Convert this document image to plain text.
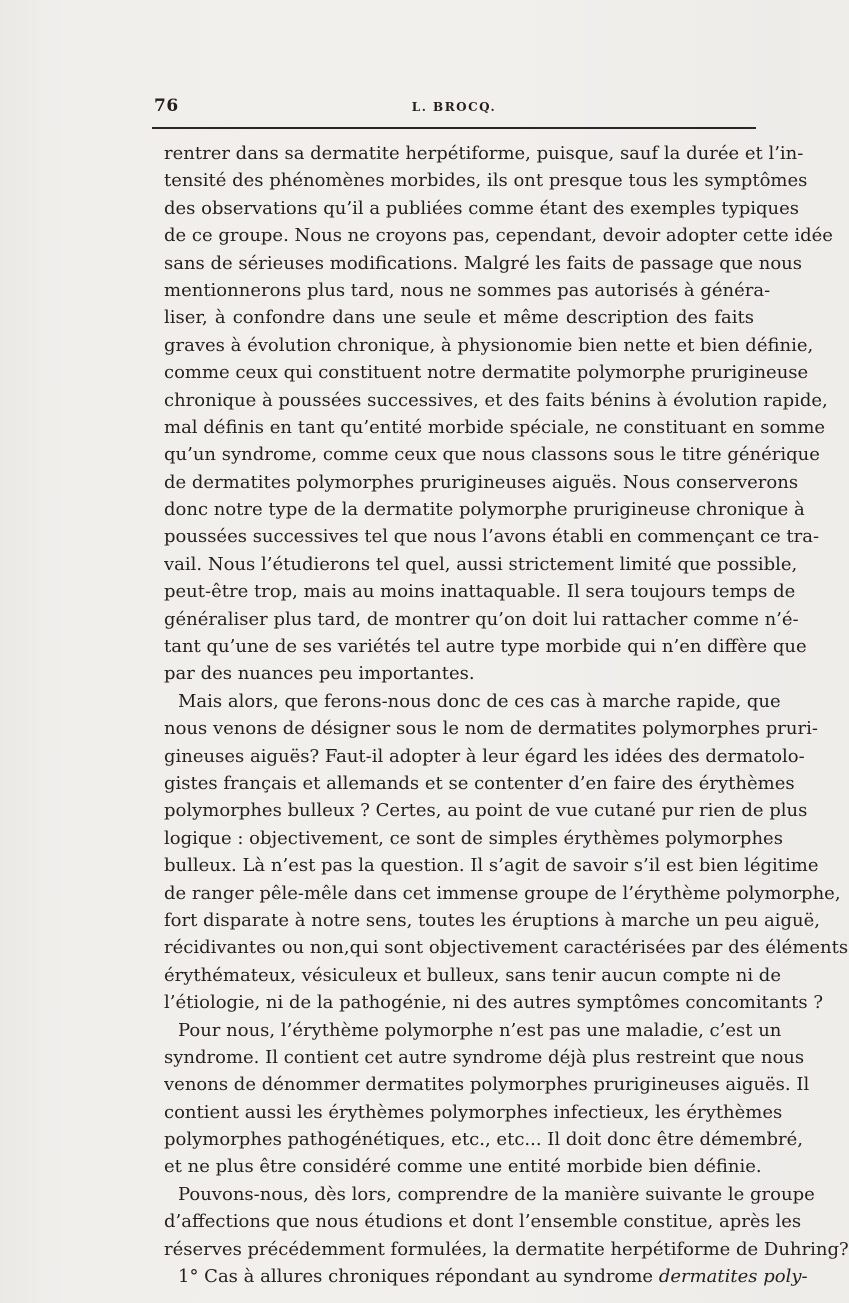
76	L. BROCQ.
rentrer dans sa dermatite herpétiforme, puisque, sauf la durée et l’in-
tensité des phénomènes morbides, ils ont presque tous les symptômes
des observations qu’il a publiées comme étant des exemples typiques
de ce groupe. Nous ne croyons pas, cependant, devoir adopter cette idée
sans de sérieuses modifications. Malgré les faits de passage que nous
mentionnerons plus tard, nous ne sommes pas autorisés à généra-
liser, à confondre dans une seule et même description des faits
graves à évolution chronique, à physionomie bien nette et bien définie,
comme ceux qui constituent notre dermatite polymorphe prurigineuse
chronique à poussées successives, et des faits bénins à évolution rapide,
mal définis en tant qu’entité morbide spéciale, ne constituant en somme
qu’un syndrome, comme ceux que nous classons sous le titre générique
de dermatites polymorphes prurigineuses aiguës. Nous conserverons
donc notre type de la dermatite polymorphe prurigineuse chronique à
poussées successives tel que nous l’avons établi en commençant ce tra-
vail. Nous l’étudierons tel quel, aussi strictement limité que possible,
peut-être trop, mais au moins inattaquable. Il sera toujours temps de
généraliser plus tard, de montrer qu’on doit lui rattacher comme n’é-
tant qu’une de ses variétés tel autre type morbide qui n’en diffère que
par des nuances peu importantes.
Mais alors, que ferons-nous donc de ces cas à marche rapide, que
nous venons de désigner sous le nom de dermatites polymorphes pruri-
gineuses aiguës? Faut-il adopter à leur égard les idées des dermatolo-
gistes français et allemands et se contenter d’en faire des érythèmes
polymorphes bulleux ? Certes, au point de vue cutané pur rien de plus
logique : objectivement, ce sont de simples érythèmes polymorphes
bulleux. Là n’est pas la question. Il s’agit de savoir s’il est bien légitime
de ranger pêle-mêle dans cet immense groupe de l’érythème polymorphe,
fort disparate à notre sens, toutes les éruptions à marche un peu aiguë,
récidivantes ou non,qui sont objectivement caractérisées par des éléments
érythémateux, vésiculeux et bulleux, sans tenir aucun compte ni de
l’étiologie, ni de la pathogénie, ni des autres symptômes concomitants ?
Pour nous, l’érythème polymorphe n’est pas une maladie, c’est un
syndrome. Il contient cet autre syndrome déjà plus restreint que nous
venons de dénommer dermatites polymorphes prurigineuses aiguës. Il
contient aussi les érythèmes polymorphes infectieux, les érythèmes
polymorphes pathogénétiques, etc., etc... Il doit donc être démembré,
et ne plus être considéré comme une entité morbide bien définie.
Pouvons-nous, dès lors, comprendre de la manière suivante le groupe
d’affections que nous étudions et dont l’ensemble constitue, après les
réserves précédemment formulées, la dermatite herpétiforme de Duhring?
1° Cas à allures chroniques répondant au syndrome dermatites poly-
